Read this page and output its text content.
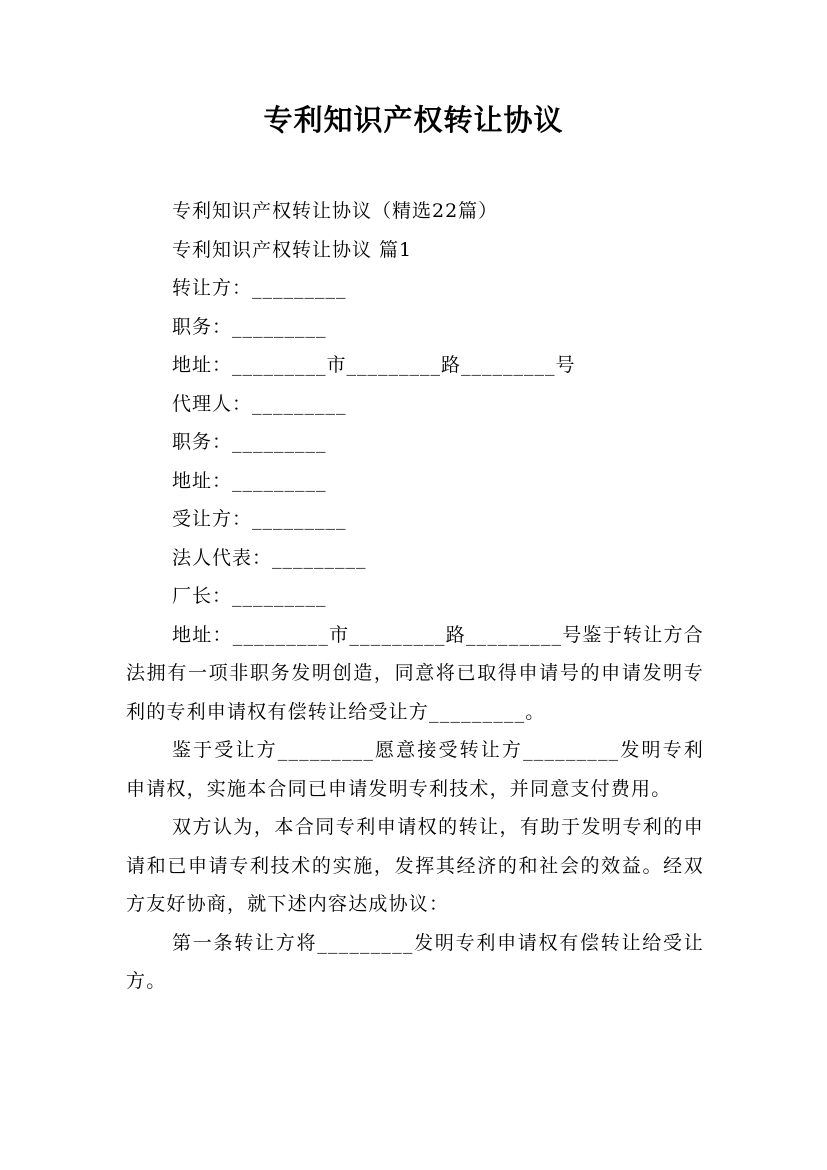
专利知识产权转让协议
专利知识产权转让协议（精选22篇）
专利知识产权转让协议 篇1
转让方：_________
职务：_________
地址：_________市_________路_________号
代理人：_________
职务：_________
地址：_________
受让方：_________
法人代表：_________
厂长：_________
地址：_________市_________路_________号鉴于转让方合法拥有一项非职务发明创造，同意将已取得申请号的申请发明专利的专利申请权有偿转让给受让方_________。
鉴于受让方_________愿意接受转让方_________发明专利申请权，实施本合同已申请发明专利技术，并同意支付费用。
双方认为，本合同专利申请权的转让，有助于发明专利的申请和已申请专利技术的实施，发挥其经济的和社会的效益。经双方友好协商，就下述内容达成协议：
第一条转让方将_________发明专利申请权有偿转让给受让方。
